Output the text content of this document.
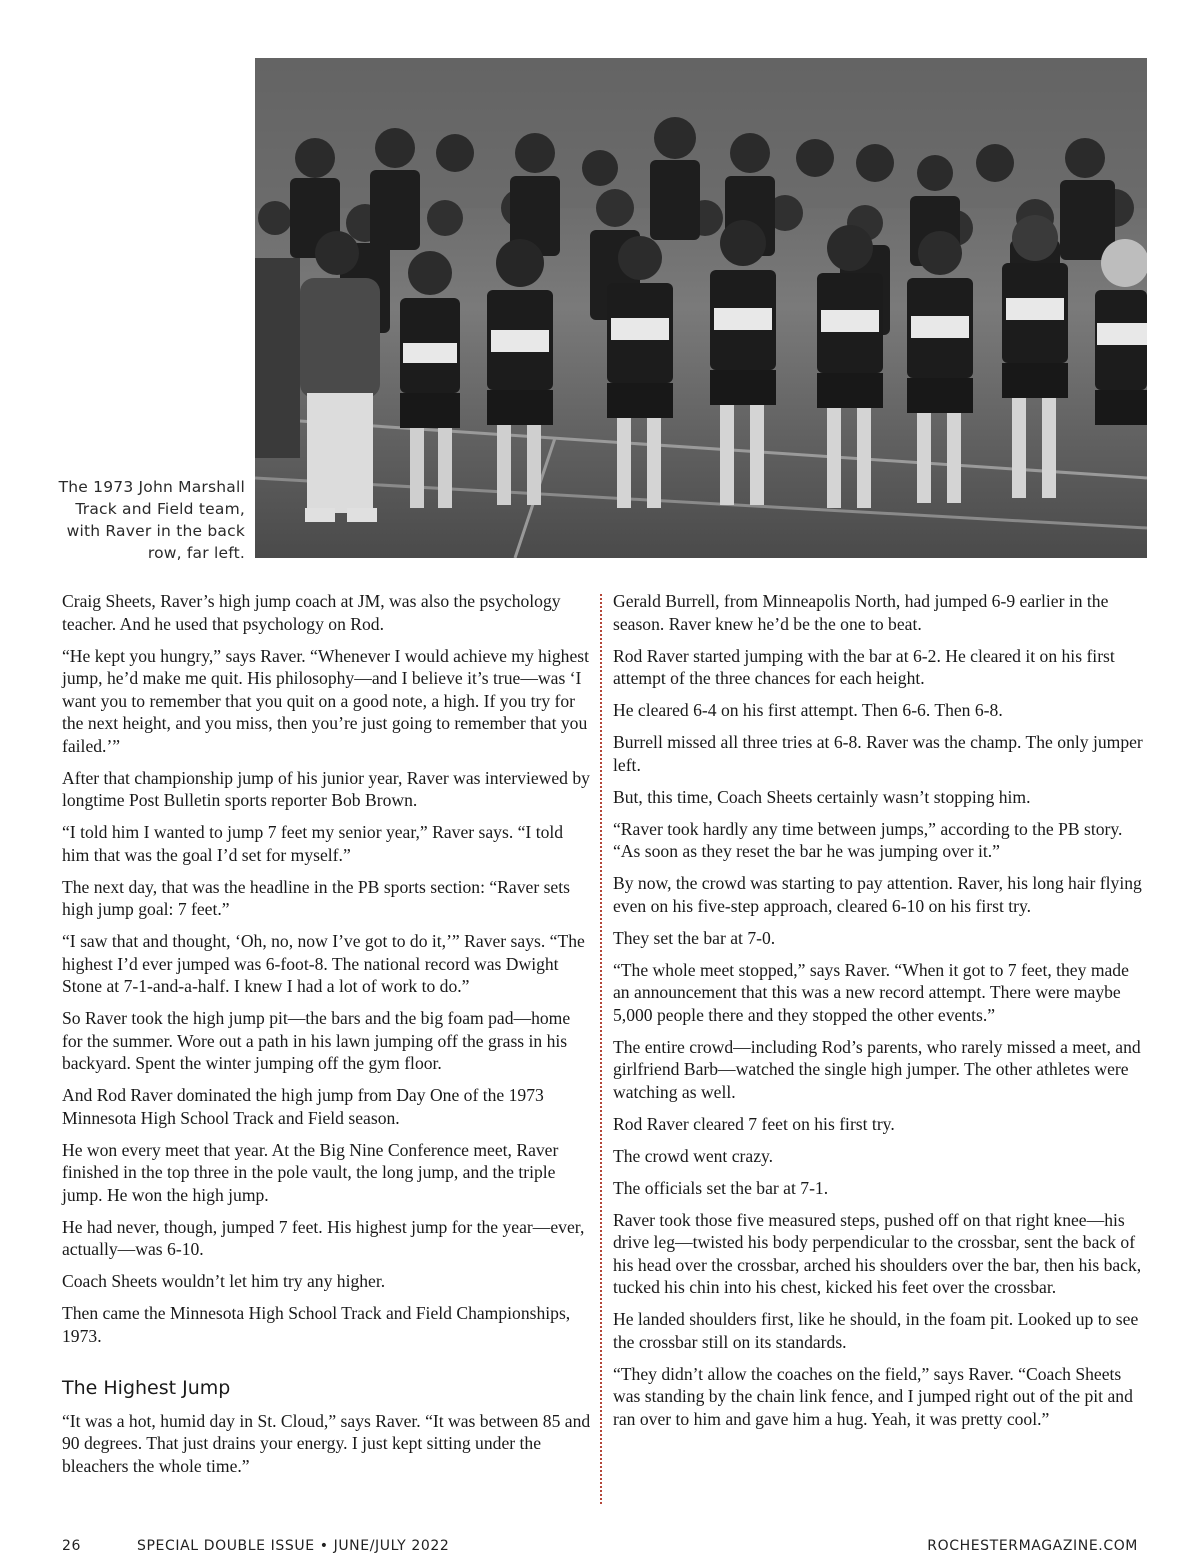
The 1973 John Marshall Track and Field team, with Raver in the back row, far left.

Craig Sheets, Raver’s high jump coach at JM, was also the psychology teacher. And he used that psychology on Rod.

“He kept you hungry,” says Raver. “Whenever I would achieve my highest jump, he’d make me quit. His philosophy—and I believe it’s true—was ‘I want you to remember that you quit on a good note, a high. If you try for the next height, and you miss, then you’re just going to remember that you failed.’”

After that championship jump of his junior year, Raver was interviewed by longtime Post Bulletin sports reporter Bob Brown.

“I told him I wanted to jump 7 feet my senior year,” Raver says. “I told him that was the goal I’d set for myself.”

The next day, that was the headline in the PB sports section: “Raver sets high jump goal: 7 feet.”

“I saw that and thought, ‘Oh, no, now I’ve got to do it,’” Raver says. “The highest I’d ever jumped was 6-foot-8. The national record was Dwight Stone at 7-1-and-a-half. I knew I had a lot of work to do.”

So Raver took the high jump pit—the bars and the big foam pad—home for the summer. Wore out a path in his lawn jumping off the grass in his backyard. Spent the winter jumping off the gym floor.

And Rod Raver dominated the high jump from Day One of the 1973 Minnesota High School Track and Field season.

He won every meet that year. At the Big Nine Conference meet, Raver finished in the top three in the pole vault, the long jump, and the triple jump. He won the high jump.

He had never, though, jumped 7 feet. His highest jump for the year—ever, actually—was 6-10.

Coach Sheets wouldn’t let him try any higher.

Then came the Minnesota High School Track and Field Championships, 1973.

The Highest Jump

“It was a hot, humid day in St. Cloud,” says Raver. “It was between 85 and 90 degrees. That just drains your energy. I just kept sitting under the bleachers the whole time.”

Gerald Burrell, from Minneapolis North, had jumped 6-9 earlier in the season. Raver knew he’d be the one to beat.

Rod Raver started jumping with the bar at 6-2. He cleared it on his first attempt of the three chances for each height.

He cleared 6-4 on his first attempt. Then 6-6. Then 6-8.

Burrell missed all three tries at 6-8. Raver was the champ. The only jumper left.

But, this time, Coach Sheets certainly wasn’t stopping him.

“Raver took hardly any time between jumps,” according to the PB story. “As soon as they reset the bar he was jumping over it.”

By now, the crowd was starting to pay attention. Raver, his long hair flying even on his five-step approach, cleared 6-10 on his first try.

They set the bar at 7-0.

“The whole meet stopped,” says Raver. “When it got to 7 feet, they made an announcement that this was a new record attempt. There were maybe 5,000 people there and they stopped the other events.”

The entire crowd—including Rod’s parents, who rarely missed a meet, and girlfriend Barb—watched the single high jumper. The other athletes were watching as well.

Rod Raver cleared 7 feet on his first try.

The crowd went crazy.

The officials set the bar at 7-1.

Raver took those five measured steps, pushed off on that right knee—his drive leg—twisted his body perpendicular to the crossbar, sent the back of his head over the crossbar, arched his shoulders over the bar, then his back, tucked his chin into his chest, kicked his feet over the crossbar.

He landed shoulders first, like he should, in the foam pit. Looked up to see the crossbar still on its standards.

“They didn’t allow the coaches on the field,” says Raver. “Coach Sheets was standing by the chain link fence, and I jumped right out of the pit and ran over to him and gave him a hug. Yeah, it was pretty cool.”

26	SPECIAL DOUBLE ISSUE • JUNE/JULY 2022	ROCHESTERMAGAZINE.COM
